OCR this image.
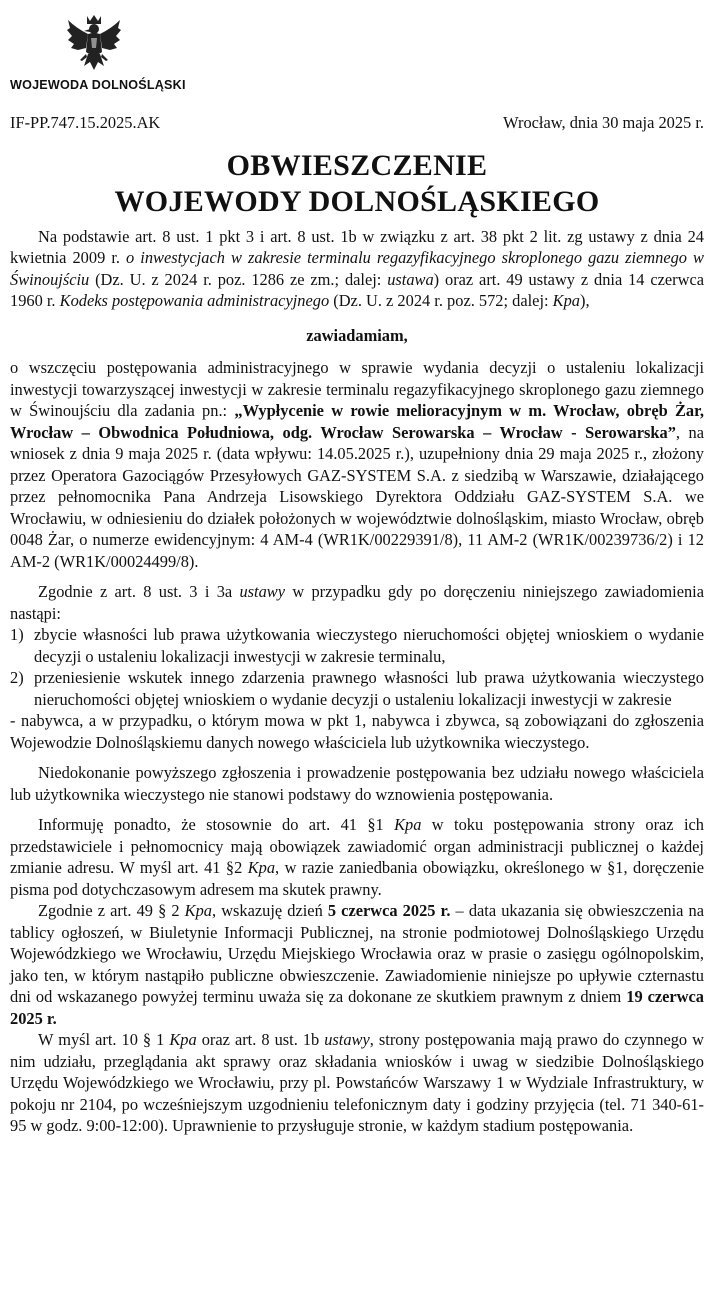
WOJEWODA DOLNOŚLĄSKI
IF-PP.747.15.2025.AK	Wrocław, dnia 30 maja 2025 r.
OBWIESZCZENIE
WOJEWODY DOLNOŚLĄSKIEGO

Na podstawie art. 8 ust. 1 pkt 3 i art. 8 ust. 1b w związku z art. 38 pkt 2 lit. zg ustawy z dnia 24 kwietnia 2009 r. o inwestycjach w zakresie terminalu regazyfikacyjnego skroplonego gazu ziemnego w Świnoujściu (Dz. U. z 2024 r. poz. 1286 ze zm.; dalej: ustawa) oraz art. 49 ustawy z dnia 14 czerwca 1960 r. Kodeks postępowania administracyjnego (Dz. U. z 2024 r. poz. 572; dalej: Kpa),

zawiadamiam,

o wszczęciu postępowania administracyjnego w sprawie wydania decyzji o ustaleniu lokalizacji inwestycji towarzyszącej inwestycji w zakresie terminalu regazyfikacyjnego skroplonego gazu ziemnego w Świnoujściu dla zadania pn.: „Wypłycenie w rowie melioracyjnym w m. Wrocław, obręb Żar, Wrocław – Obwodnica Południowa, odg. Wrocław Serowarska – Wrocław - Serowarska”, na wniosek z dnia 9 maja 2025 r. (data wpływu: 14.05.2025 r.), uzupełniony dnia 29 maja 2025 r., złożony przez Operatora Gazociągów Przesyłowych GAZ-SYSTEM S.A. z siedzibą w Warszawie, działającego przez pełnomocnika Pana Andrzeja Lisowskiego Dyrektora Oddziału GAZ-SYSTEM S.A. we Wrocławiu, w odniesieniu do działek położonych w województwie dolnośląskim, miasto Wrocław, obręb 0048 Żar, o numerze ewidencyjnym: 4 AM-4 (WR1K/00229391/8), 11 AM-2 (WR1K/00239736/2) i 12 AM-2 (WR1K/00024499/8).

Zgodnie z art. 8 ust. 3 i 3a ustawy w przypadku gdy po doręczeniu niniejszego zawiadomienia nastąpi:

1) zbycie własności lub prawa użytkowania wieczystego nieruchomości objętej wnioskiem o wydanie decyzji o ustaleniu lokalizacji inwestycji w zakresie terminalu,
2) przeniesienie wskutek innego zdarzenia prawnego własności lub prawa użytkowania wieczystego nieruchomości objętej wnioskiem o wydanie decyzji o ustaleniu lokalizacji inwestycji w zakresie

- nabywca, a w przypadku, o którym mowa w pkt 1, nabywca i zbywca, są zobowiązani do zgłoszenia Wojewodzie Dolnośląskiemu danych nowego właściciela lub użytkownika wieczystego.

Niedokonanie powyższego zgłoszenia i prowadzenie postępowania bez udziału nowego właściciela lub użytkownika wieczystego nie stanowi podstawy do wznowienia postępowania.

Informuję ponadto, że stosownie do art. 41 §1 Kpa w toku postępowania strony oraz ich przedstawiciele i pełnomocnicy mają obowiązek zawiadomić organ administracji publicznej o każdej zmianie adresu. W myśl art. 41 §2 Kpa, w razie zaniedbania obowiązku, określonego w §1, doręczenie pisma pod dotychczasowym adresem ma skutek prawny.

Zgodnie z art. 49 § 2 Kpa, wskazuję dzień 5 czerwca 2025 r. – data ukazania się obwieszczenia na tablicy ogłoszeń, w Biuletynie Informacji Publicznej, na stronie podmiotowej Dolnośląskiego Urzędu Wojewódzkiego we Wrocławiu, Urzędu Miejskiego Wrocławia oraz w prasie o zasięgu ogólnopolskim, jako ten, w którym nastąpiło publiczne obwieszczenie. Zawiadomienie niniejsze po upływie czternastu dni od wskazanego powyżej terminu uważa się za dokonane ze skutkiem prawnym z dniem 19 czerwca 2025 r.

W myśl art. 10 § 1 Kpa oraz art. 8 ust. 1b ustawy, strony postępowania mają prawo do czynnego w nim udziału, przeglądania akt sprawy oraz składania wniosków i uwag w siedzibie Dolnośląskiego Urzędu Wojewódzkiego we Wrocławiu, przy pl. Powstańców Warszawy 1 w Wydziale Infrastruktury, w pokoju nr 2104, po wcześniejszym uzgodnieniu telefonicznym daty i godziny przyjęcia (tel. 71 340-61-95 w godz. 9:00-12:00). Uprawnienie to przysługuje stronie, w każdym stadium postępowania.
